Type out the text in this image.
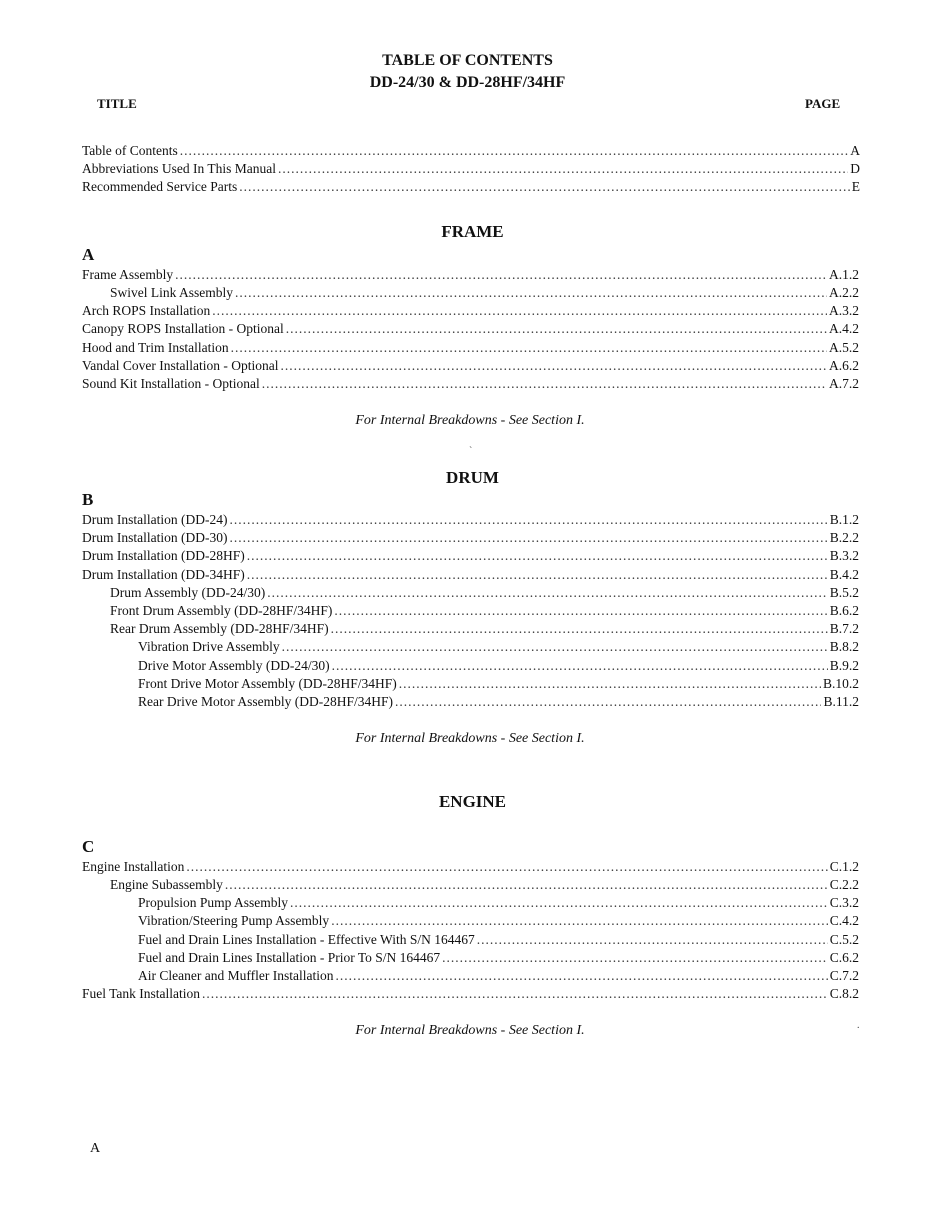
TABLE OF CONTENTS
DD-24/30 & DD-28HF/34HF
TITLE	PAGE
Table of Contents .....	A
Abbreviations Used In This Manual .....	D
Recommended Service Parts .....	E
FRAME
A
Frame Assembly .....	A.1.2
Swivel Link Assembly .....	A.2.2
Arch ROPS Installation .....	A.3.2
Canopy ROPS Installation - Optional .....	A.4.2
Hood and Trim Installation .....	A.5.2
Vandal Cover Installation - Optional .....	A.6.2
Sound Kit Installation - Optional .....	A.7.2
For Internal Breakdowns - See Section I.
`
DRUM
B
Drum Installation (DD-24) .....	B.1.2
Drum Installation (DD-30) .....	B.2.2
Drum Installation (DD-28HF) .....	B.3.2
Drum Installation (DD-34HF) .....	B.4.2
Drum Assembly (DD-24/30) .....	B.5.2
Front Drum Assembly (DD-28HF/34HF) .....	B.6.2
Rear Drum Assembly (DD-28HF/34HF) .....	B.7.2
Vibration Drive Assembly .....	B.8.2
Drive Motor Assembly (DD-24/30) .....	B.9.2
Front Drive Motor Assembly (DD-28HF/34HF) .....	B.10.2
Rear Drive Motor Assembly (DD-28HF/34HF) .....	B.11.2
For Internal Breakdowns - See Section I.
ENGINE
C
Engine Installation .....	C.1.2
Engine Subassembly .....	C.2.2
Propulsion Pump Assembly .....	C.3.2
Vibration/Steering Pump Assembly .....	C.4.2
Fuel and Drain Lines Installation - Effective With S/N 164467 .....	C.5.2
Fuel and Drain Lines Installation - Prior To S/N 164467 .....	C.6.2
Air Cleaner and Muffler Installation .....	C.7.2
Fuel Tank Installation .....	C.8.2
For Internal Breakdowns - See Section I.	.
A
